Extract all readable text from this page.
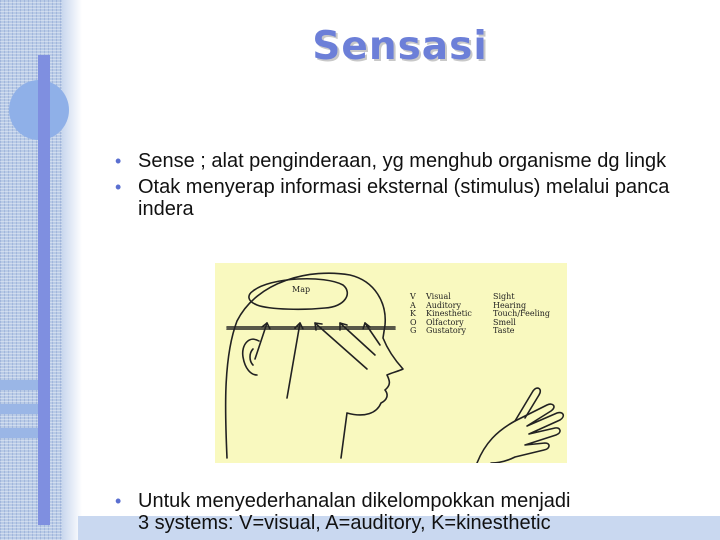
Sensasi
• Sense ; alat penginderaan, yg menghub organisme dg lingk
• Otak menyerap informasi eksternal (stimulus) melalui panca indera
Map
V	Visual	Sight
A	Auditory	Hearing
K	Kinesthetic	Touch/Feeling
O	Olfactory	Smell
G	Gustatory	Taste
• Untuk menyederhanalan dikelompokkan menjadi
3 systems: V=visual, A=auditory, K=kinesthetic
